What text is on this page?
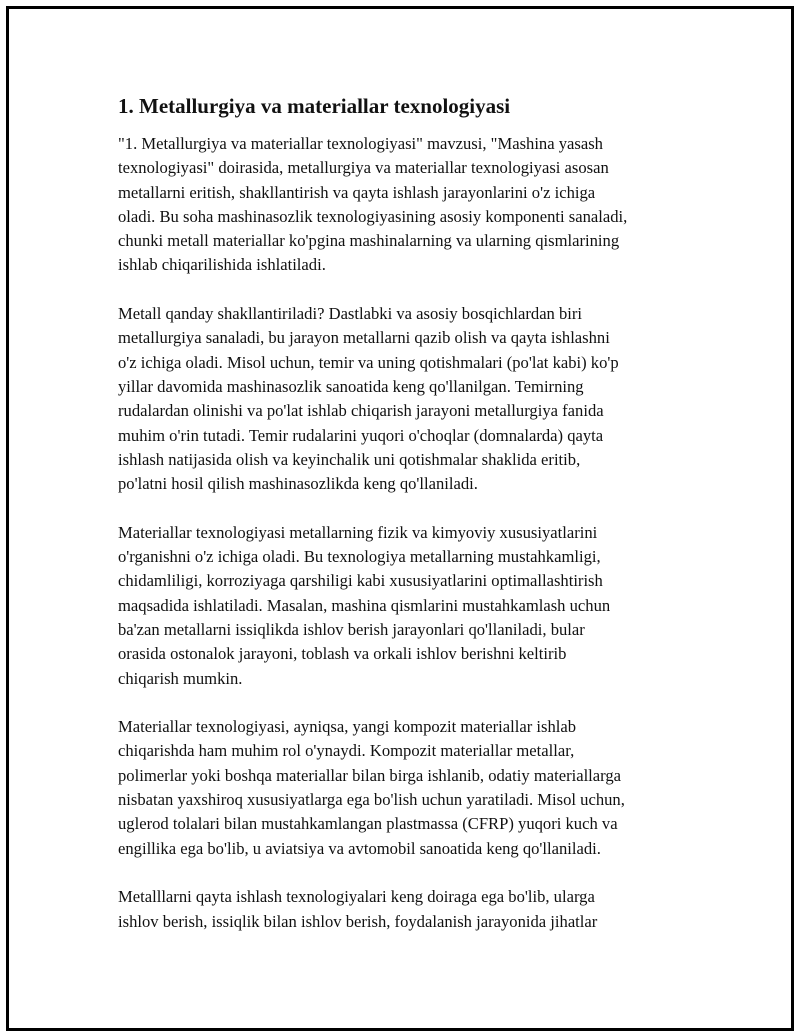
1. Metallurgiya va materiallar texnologiyasi

"1. Metallurgiya va materiallar texnologiyasi" mavzusi, "Mashina yasash
texnologiyasi" doirasida, metallurgiya va materiallar texnologiyasi asosan
metallarni eritish, shakllantirish va qayta ishlash jarayonlarini o'z ichiga
oladi. Bu soha mashinasozlik texnologiyasining asosiy komponenti sanaladi,
chunki metall materiallar ko'pgina mashinalarning va ularning qismlarining
ishlab chiqarilishida ishlatiladi.

Metall qanday shakllantiriladi? Dastlabki va asosiy bosqichlardan biri
metallurgiya sanaladi, bu jarayon metallarni qazib olish va qayta ishlashni
o'z ichiga oladi. Misol uchun, temir va uning qotishmalari (po'lat kabi) ko'p
yillar davomida mashinasozlik sanoatida keng qo'llanilgan. Temirning
rudalardan olinishi va po'lat ishlab chiqarish jarayoni metallurgiya fanida
muhim o'rin tutadi. Temir rudalarini yuqori o'choqlar (domnalarda) qayta
ishlash natijasida olish va keyinchalik uni qotishmalar shaklida eritib,
po'latni hosil qilish mashinasozlikda keng qo'llaniladi.

Materiallar texnologiyasi metallarning fizik va kimyoviy xususiyatlarini
o'rganishni o'z ichiga oladi. Bu texnologiya metallarning mustahkamligi,
chidamliligi, korroziyaga qarshiligi kabi xususiyatlarini optimallashtirish
maqsadida ishlatiladi. Masalan, mashina qismlarini mustahkamlash uchun
ba'zan metallarni issiqlikda ishlov berish jarayonlari qo'llaniladi, bular
orasida ostonalok jarayoni, toblash va orkali ishlov berishni keltirib
chiqarish mumkin.

Materiallar texnologiyasi, ayniqsa, yangi kompozit materiallar ishlab
chiqarishda ham muhim rol o'ynaydi. Kompozit materiallar metallar,
polimerlar yoki boshqa materiallar bilan birga ishlanib, odatiy materiallarga
nisbatan yaxshiroq xususiyatlarga ega bo'lish uchun yaratiladi. Misol uchun,
uglerod tolalari bilan mustahkamlangan plastmassa (CFRP) yuqori kuch va
engillika ega bo'lib, u aviatsiya va avtomobil sanoatida keng qo'llaniladi.

Metalllarni qayta ishlash texnologiyalari keng doiraga ega bo'lib, ularga
ishlov berish, issiqlik bilan ishlov berish, foydalanish jarayonida jihatlar
